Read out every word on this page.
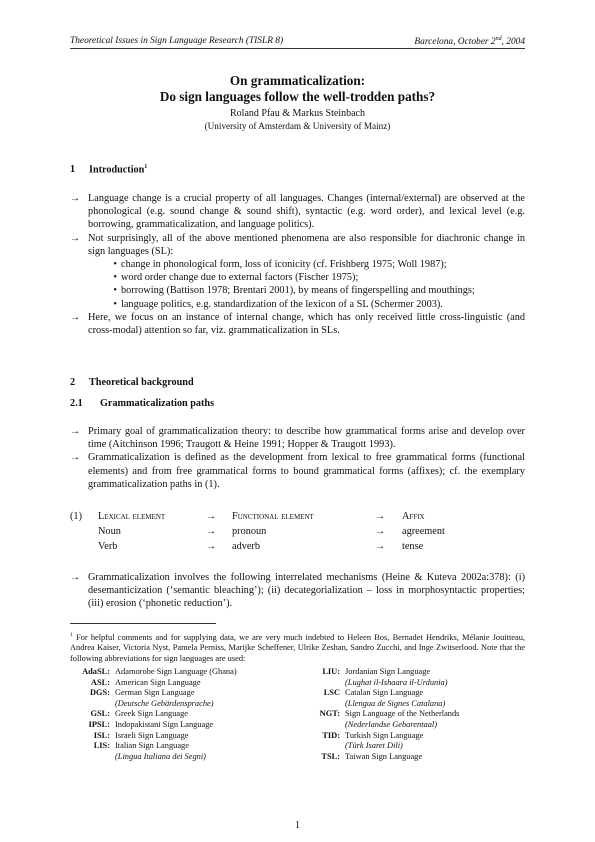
Theoretical Issues in Sign Language Research (TISLR 8)	Barcelona, October 2nd, 2004
On grammaticalization:
Do sign languages follow the well-trodden paths?
Roland Pfau & Markus Steinbach
(University of Amsterdam & University of Mainz)
1 Introduction$^1$
→ Language change is a crucial property of all languages. Changes (internal/external) are observed at the phonological (e.g. sound change & sound shift), syntactic (e.g. word order), and lexical level (e.g. borrowing, grammaticalization, and language politics).
→ Not surprisingly, all of the above mentioned phenomena are also responsible for diachronic change in sign languages (SL):
• change in phonological form, loss of iconicity (cf. Frishberg 1975; Woll 1987);
• word order change due to external factors (Fischer 1975);
• borrowing (Battison 1978; Brentari 2001), by means of fingerspelling and mouthings;
• language politics, e.g. standardization of the lexicon of a SL (Schermer 2003).
→ Here, we focus on an instance of internal change, which has only received little cross-linguistic (and cross-modal) attention so far, viz. grammaticalization in SLs.
2 Theoretical background
2.1 Grammaticalization paths
→ Primary goal of grammaticalization theory: to describe how grammatical forms arise and develop over time (Aitchinson 1996; Traugott & Heine 1991; Hopper & Traugott 1993).
→ Grammaticalization is defined as the development from lexical to free grammatical forms (functional elements) and from free grammatical forms to bound grammatical forms (affixes); cf. the exemplary grammaticalization paths in (1).
(1) Lexical element	→ Functional element	→ Affix
Noun	→ pronoun	→ agreement
Verb	→ adverb	→ tense
→ Grammaticalization involves the following interrelated mechanisms (Heine & Kuteva 2002a:378): (i) desemanticization (‘semantic bleaching’); (ii) decategorialization – loss in morphosyntactic properties; (iii) erosion (‘phonetic reduction’).
$^1$ For helpful comments and for supplying data, we are very much indebted to Heleen Bos, Bernadet Hendriks, Mélanie Jouitteau, Andrea Kaiser, Victoria Nyst, Pamela Perniss, Marijke Scheffener, Ulrike Zeshan, Sandro Zucchi, and Inge Zwitserlood. Note that the following abbreviations for sign languages are used:
AdaSL: Adamorobe Sign Language (Ghana)
ASL: American Sign Language
DGS: German Sign Language
(Deutsche Gebärdensprache)
GSL: Greek Sign Language
IPSL: Indopakistani Sign Language
ISL: Israeli Sign Language
LIS: Italian Sign Language
(Lingua Italiana dei Segni)
LIU: Jordanian Sign Language
(Lughat il-Ishaara il-Urdunia)
LSC Catalan Sign Language
(Llengua de Signes Catalana)
NGT: Sign Language of the Netherlands
(Nederlandse Gebarentaal)
TID: Turkish Sign Language
(Türk Isaret Dili)
TSL: Taiwan Sign Language
1
